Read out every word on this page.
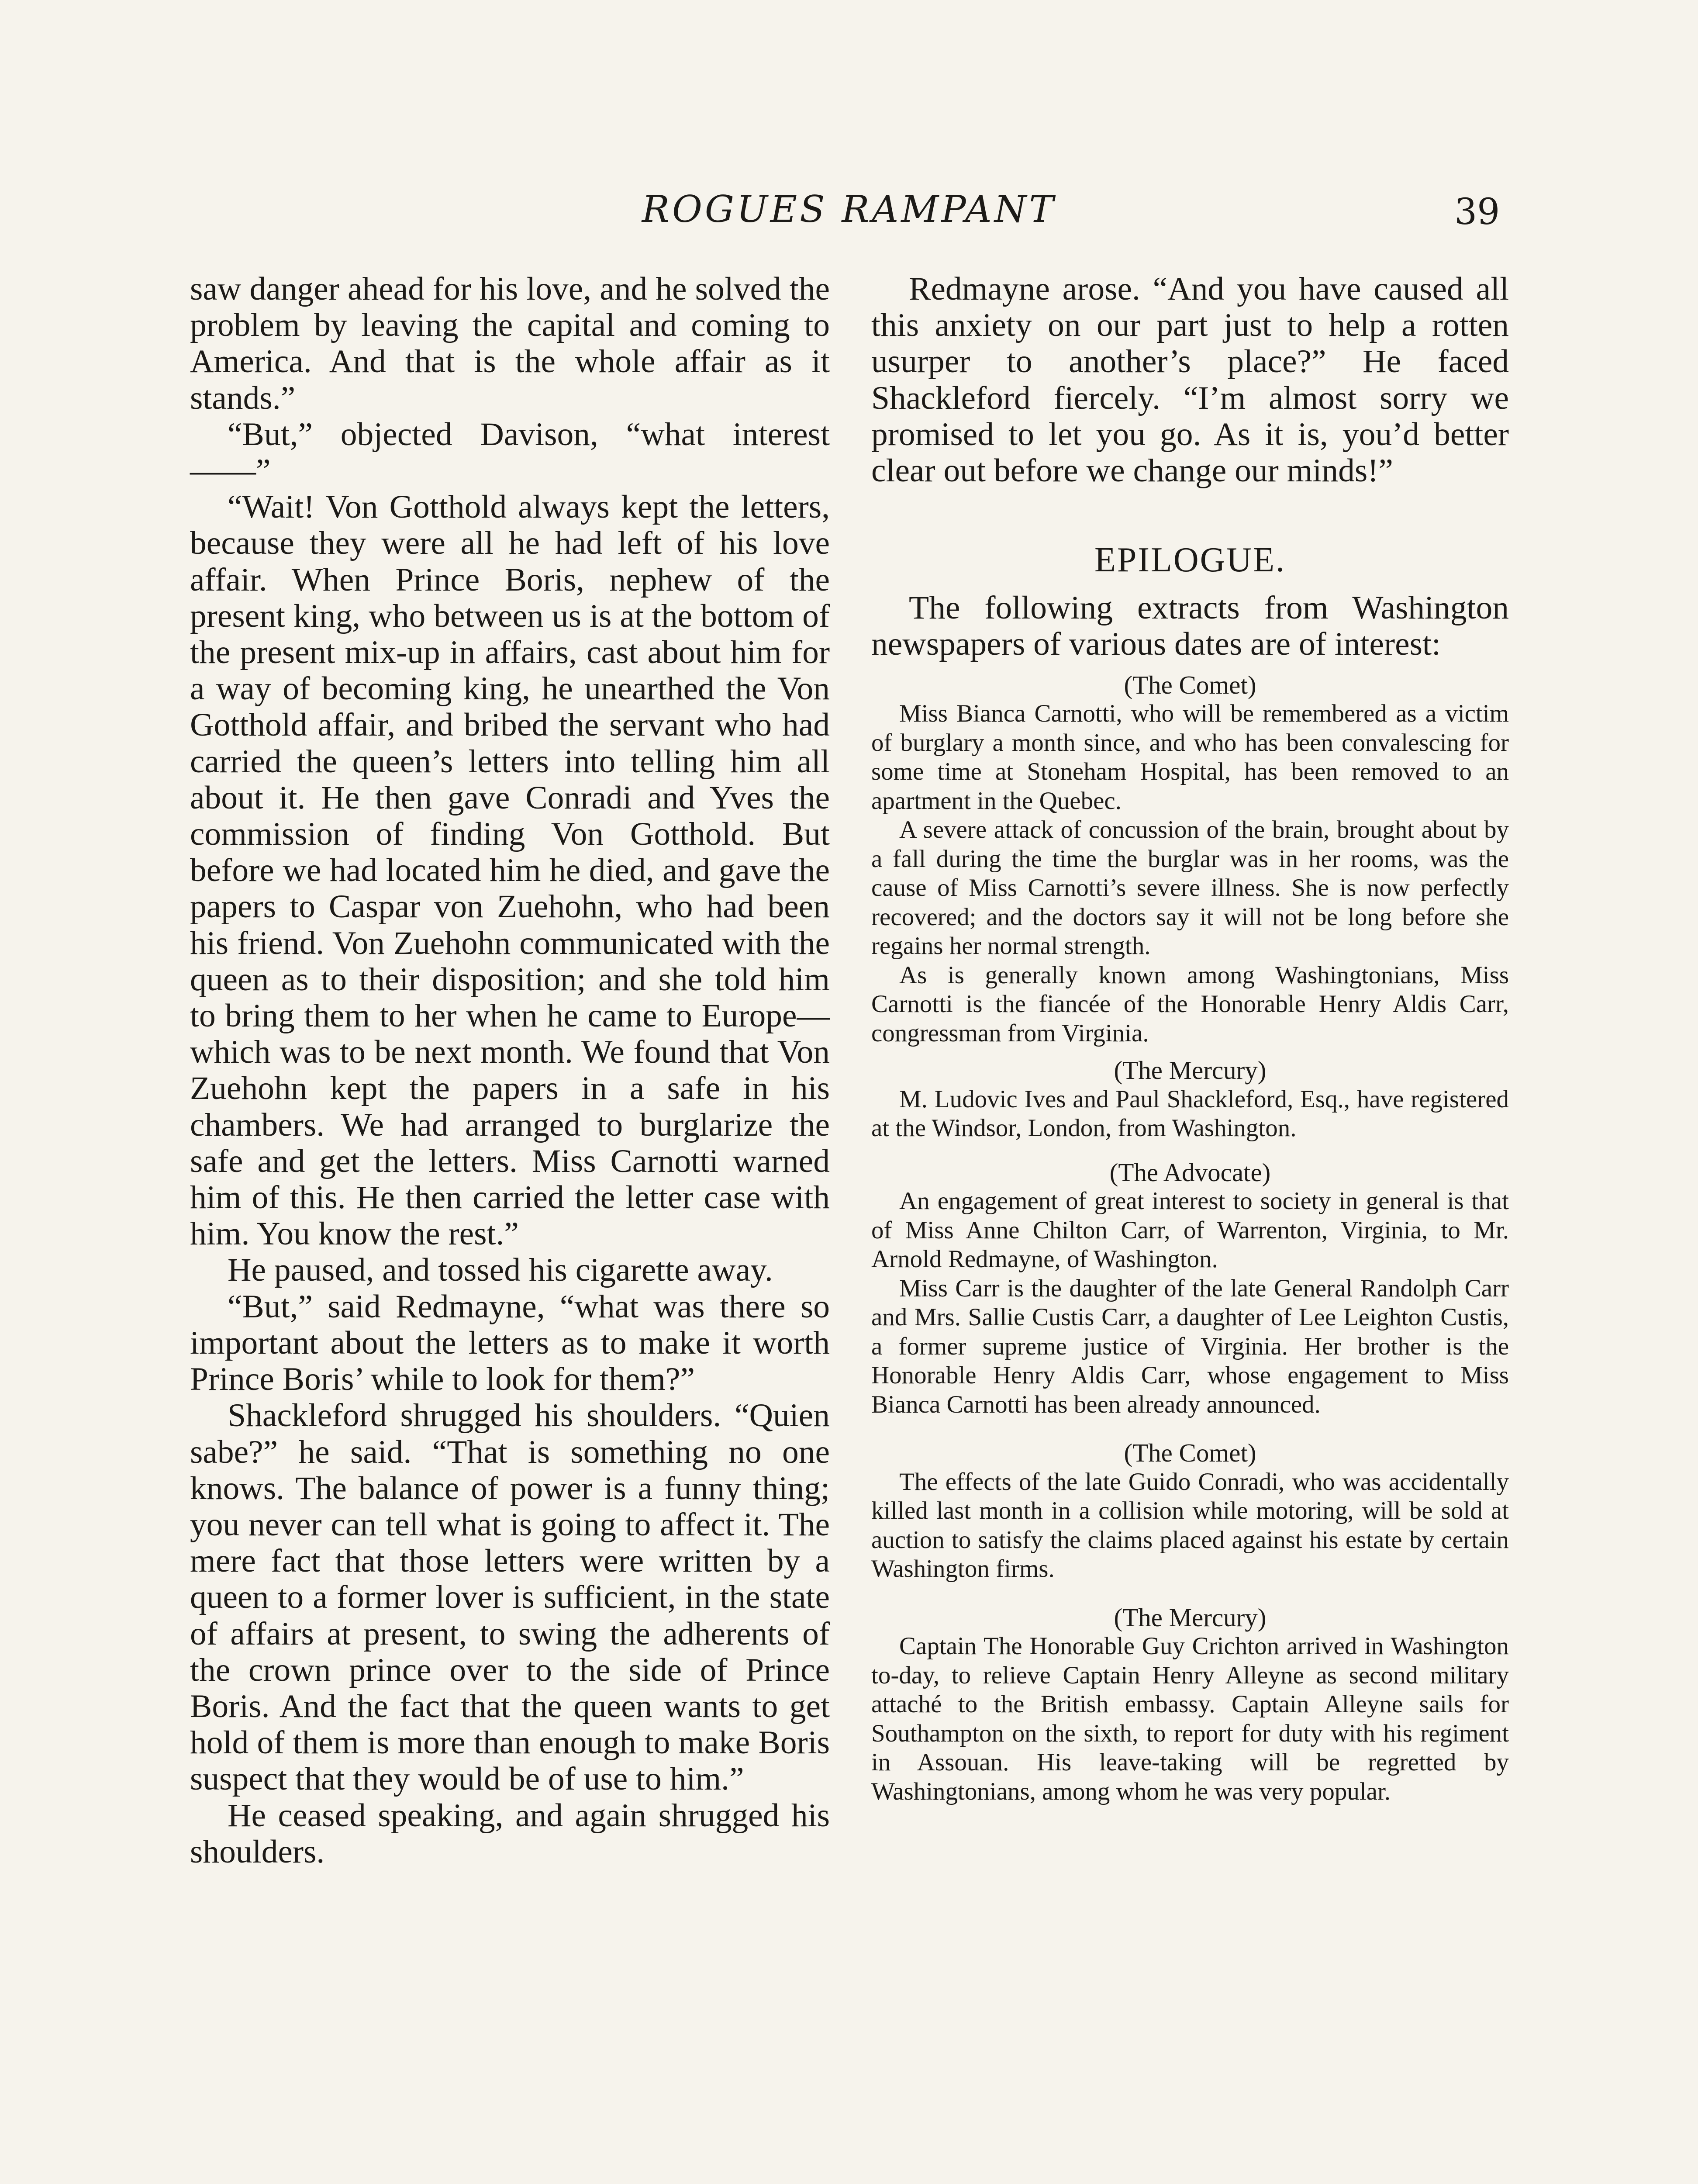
ROGUES RAMPANT	39

saw danger ahead for his love, and he solved the problem by leaving the capital and coming to America. And that is the whole affair as it stands.”

“But,” objected Davison, “what interest——”

“Wait! Von Gotthold always kept the letters, because they were all he had left of his love affair. When Prince Boris, nephew of the present king, who between us is at the bottom of the present mix-up in affairs, cast about him for a way of becoming king, he unearthed the Von Gotthold affair, and bribed the servant who had carried the queen’s letters into telling him all about it. He then gave Conradi and Yves the commission of finding Von Gotthold. But before we had located him he died, and gave the papers to Caspar von Zuehohn, who had been his friend. Von Zuehohn communicated with the queen as to their disposition; and she told him to bring them to her when he came to Europe—which was to be next month. We found that Von Zuehohn kept the papers in a safe in his chambers. We had arranged to burglarize the safe and get the letters. Miss Carnotti warned him of this. He then carried the letter case with him. You know the rest.”

He paused, and tossed his cigarette away.

“But,” said Redmayne, “what was there so important about the letters as to make it worth Prince Boris’ while to look for them?”

Shackleford shrugged his shoulders. “Quien sabe?” he said. “That is something no one knows. The balance of power is a funny thing; you never can tell what is going to affect it. The mere fact that those letters were written by a queen to a former lover is sufficient, in the state of affairs at present, to swing the adherents of the crown prince over to the side of Prince Boris. And the fact that the queen wants to get hold of them is more than enough to make Boris suspect that they would be of use to him.”

He ceased speaking, and again shrugged his shoulders.

Redmayne arose. “And you have caused all this anxiety on our part just to help a rotten usurper to another’s place?” He faced Shackleford fiercely. “I’m almost sorry we promised to let you go. As it is, you’d better clear out before we change our minds!”

EPILOGUE.

The following extracts from Washington newspapers of various dates are of interest:

(The Comet)

Miss Bianca Carnotti, who will be remembered as a victim of burglary a month since, and who has been convalescing for some time at Stoneham Hospital, has been removed to an apartment in the Quebec.

A severe attack of concussion of the brain, brought about by a fall during the time the burglar was in her rooms, was the cause of Miss Carnotti’s severe illness. She is now perfectly recovered; and the doctors say it will not be long before she regains her normal strength.

As is generally known among Washingtonians, Miss Carnotti is the fiancée of the Honorable Henry Aldis Carr, congressman from Virginia.

(The Mercury)

M. Ludovic Ives and Paul Shackleford, Esq., have registered at the Windsor, London, from Washington.

(The Advocate)

An engagement of great interest to society in general is that of Miss Anne Chilton Carr, of Warrenton, Virginia, to Mr. Arnold Redmayne, of Washington.

Miss Carr is the daughter of the late General Randolph Carr and Mrs. Sallie Custis Carr, a daughter of Lee Leighton Custis, a former supreme justice of Virginia. Her brother is the Honorable Henry Aldis Carr, whose engagement to Miss Bianca Carnotti has been already announced.

(The Comet)

The effects of the late Guido Conradi, who was accidentally killed last month in a collision while motoring, will be sold at auction to satisfy the claims placed against his estate by certain Washington firms.

(The Mercury)

Captain The Honorable Guy Crichton arrived in Washington to-day, to relieve Captain Henry Alleyne as second military attaché to the British embassy. Captain Alleyne sails for Southampton on the sixth, to report for duty with his regiment in Assouan. His leave-taking will be regretted by Washingtonians, among whom he was very popular.
